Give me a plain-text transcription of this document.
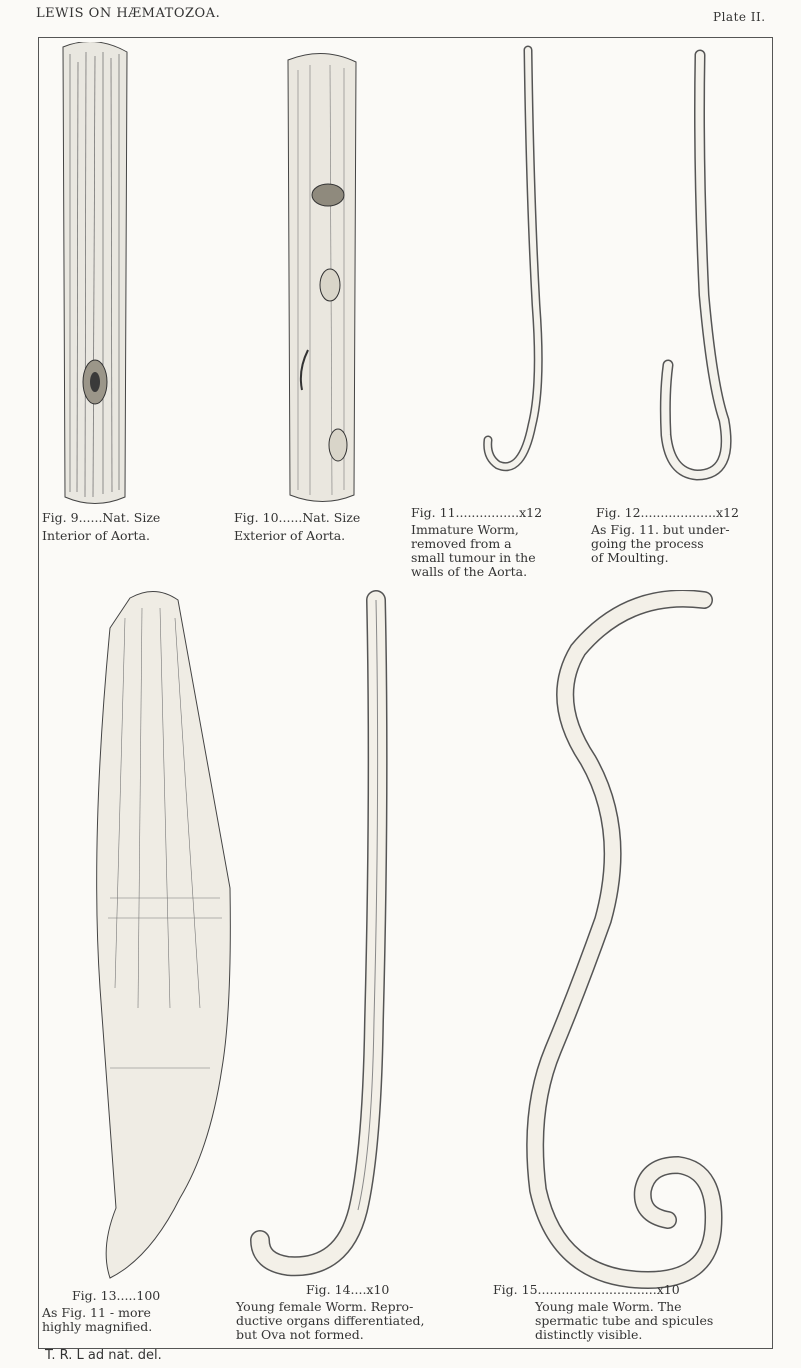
LEWIS ON HÆMATOZOA.	Plate II.
Fig. 9......Nat. Size
Interior of Aorta.
Fig. 10......Nat. Size
Exterior of Aorta.
Fig. 11................x12
Immature Worm,
removed from a
small tumour in the
walls of the Aorta.
Fig. 12...................x12
As Fig. 11. but under-
going the process
of Moulting.
Fig. 13.....100
As Fig. 11 - more
highly magnified.
Fig. 14....x10
Young female Worm. Repro-
ductive organs differentiated,
but Ova not formed.
Fig. 15..............................x10
Young male Worm. The
spermatic tube and spicules
distinctly visible.
T. R. L ad nat. del.
